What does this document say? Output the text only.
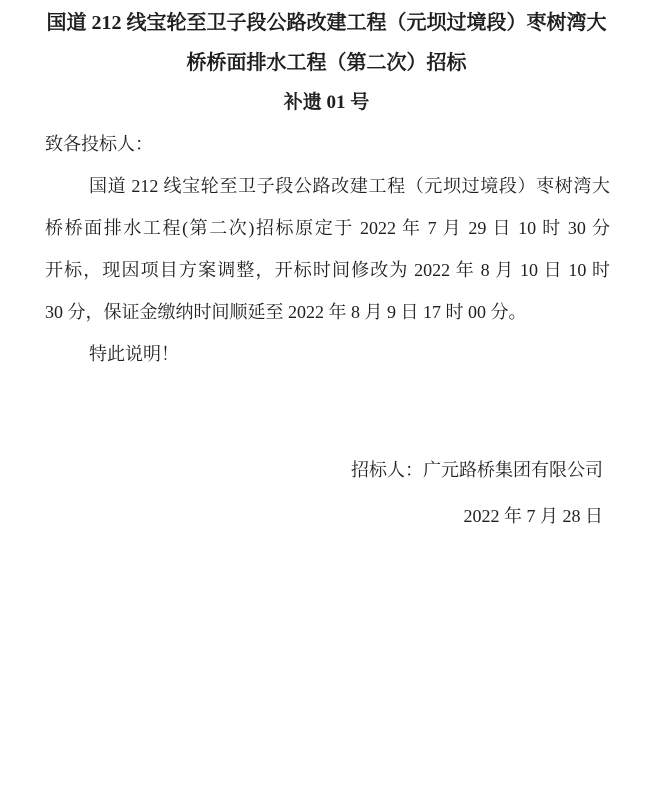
国道 212 线宝轮至卫子段公路改建工程（元坝过境段）枣树湾大
桥桥面排水工程（第二次）招标
补遗 01 号
致各投标人：
国道 212 线宝轮至卫子段公路改建工程（元坝过境段）枣树湾大
桥桥面排水工程(第二次)招标原定于 2022 年 7 月 29 日 10 时 30 分
开标，现因项目方案调整，开标时间修改为 2022 年 8 月 10 日 10 时
30 分，保证金缴纳时间顺延至 2022 年 8 月 9 日 17 时 00 分。
特此说明！
招标人：广元路桥集团有限公司
2022 年 7 月 28 日
